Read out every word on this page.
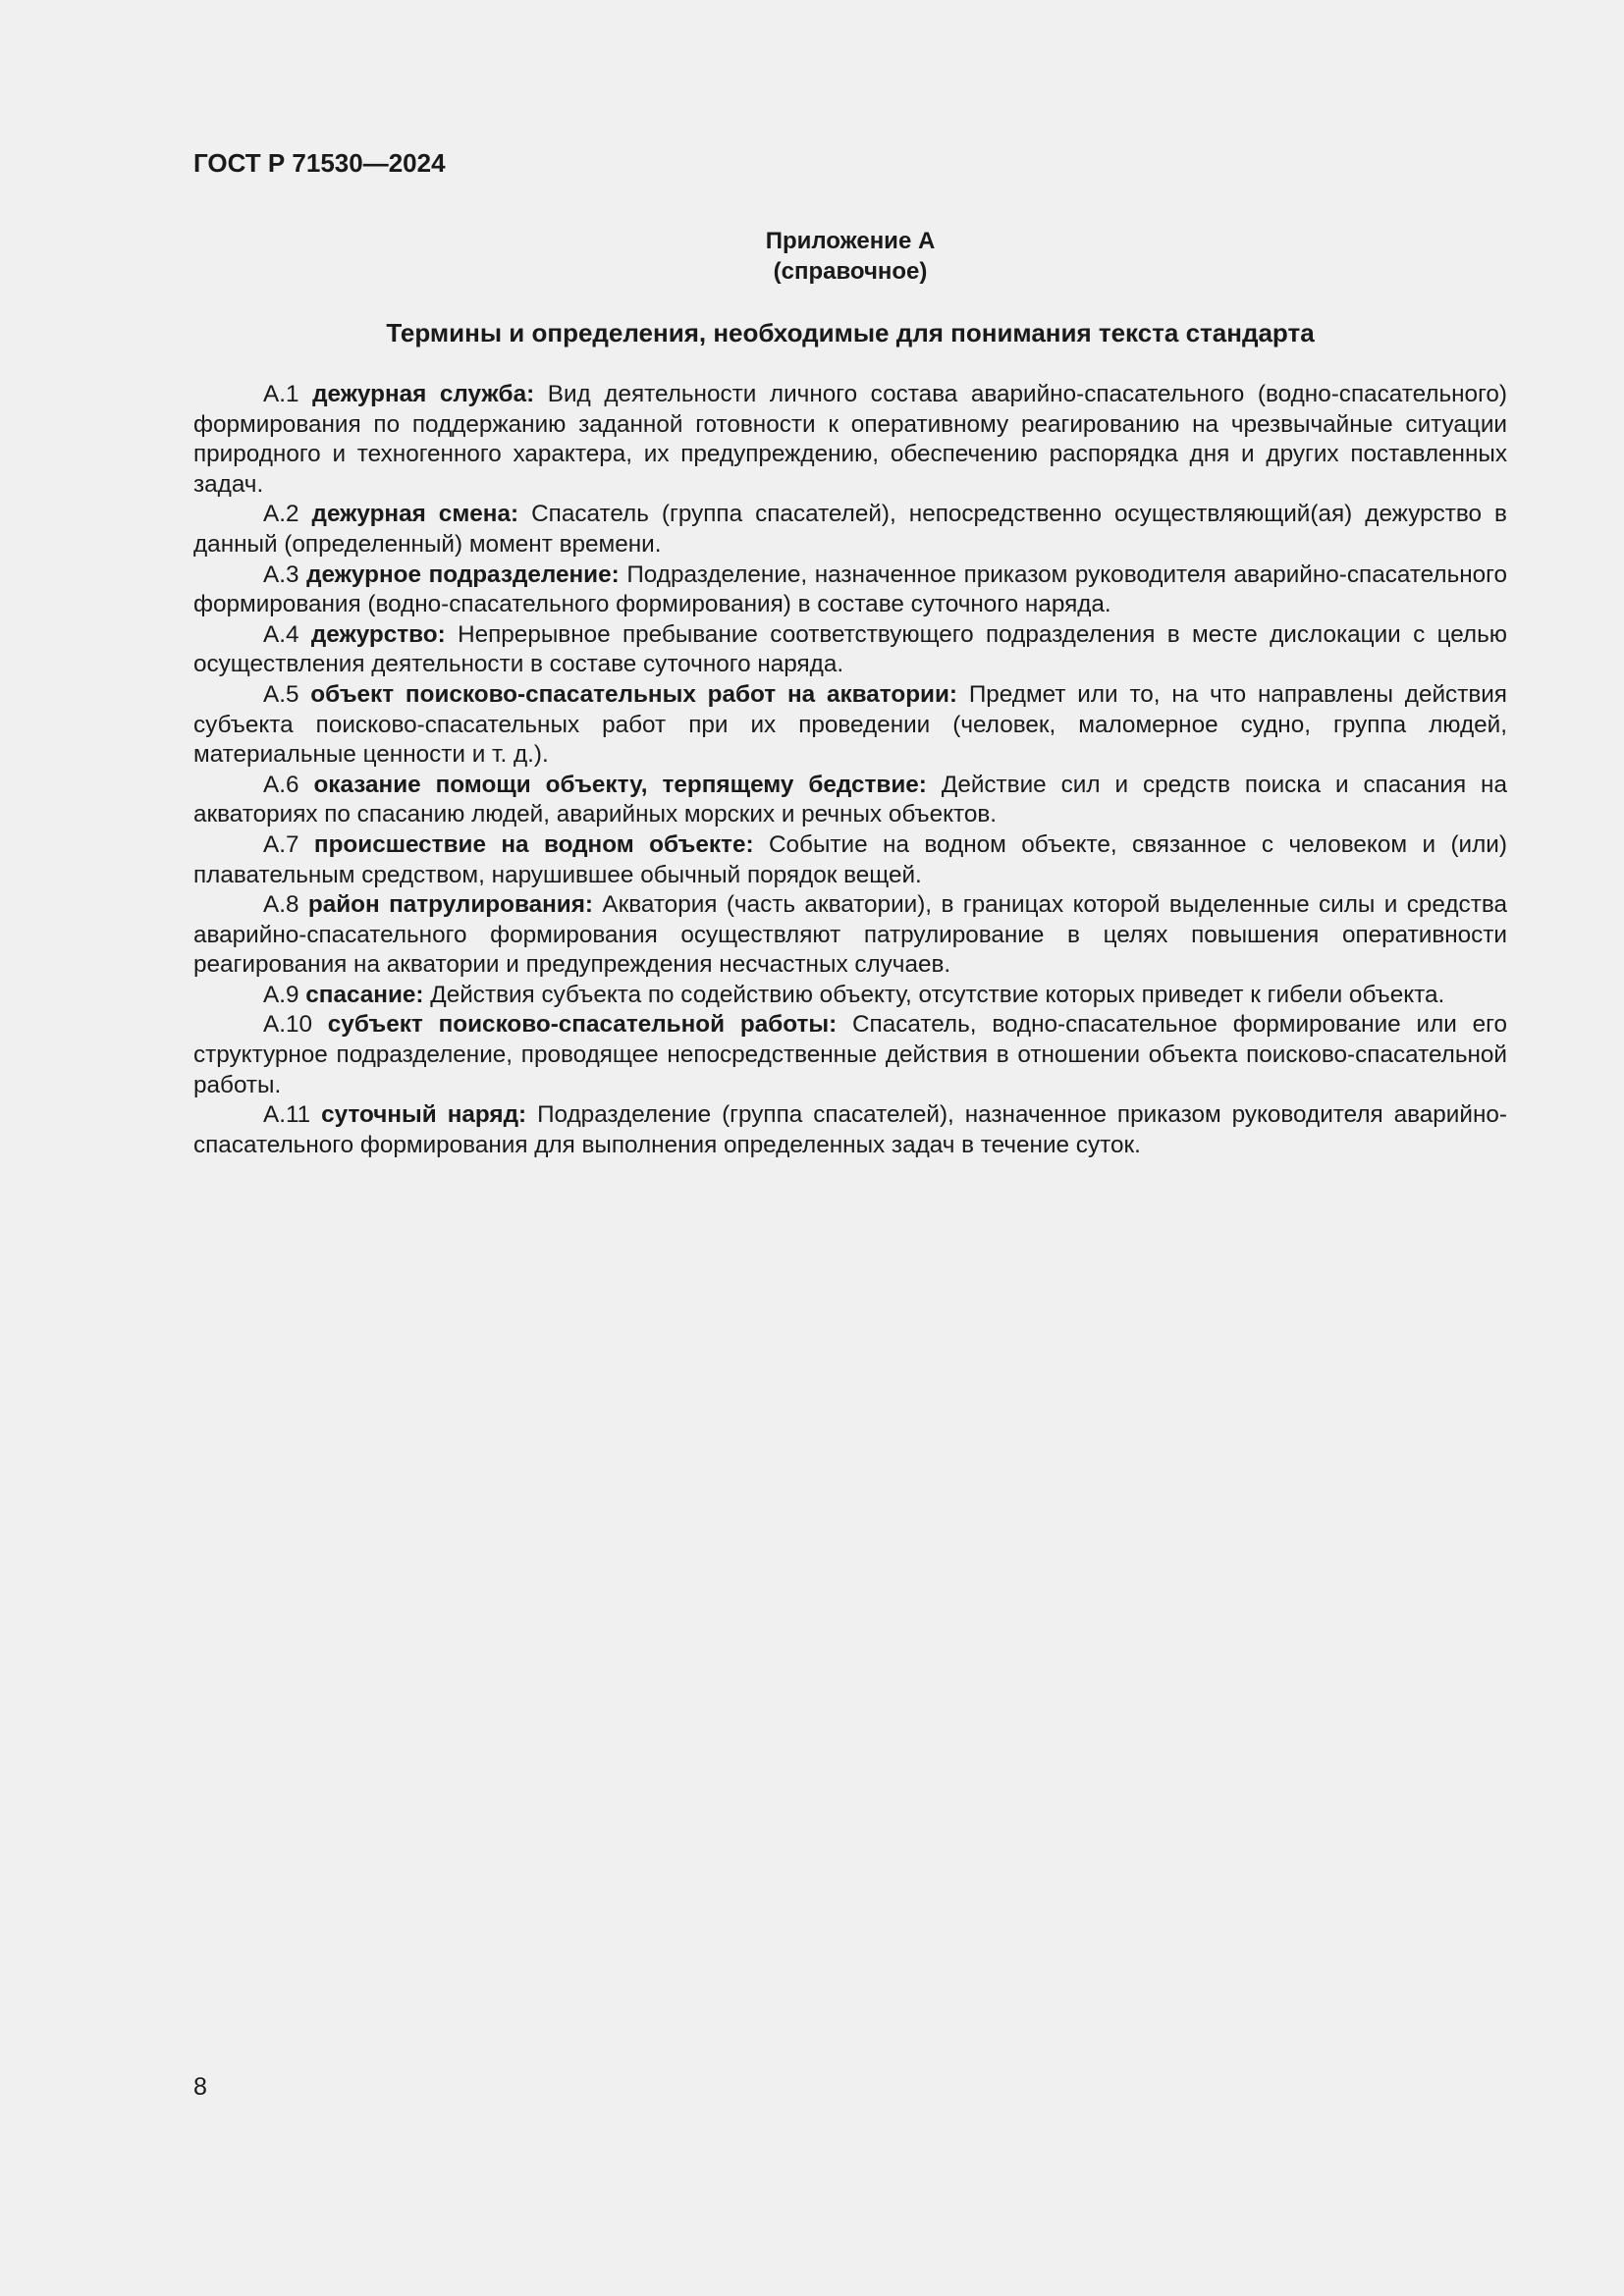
ГОСТ Р 71530—2024
Приложение А
(справочное)
Термины и определения, необходимые для понимания текста стандарта

А.1 дежурная служба: Вид деятельности личного состава аварийно-спасательного (водно-спасательного) формирования по поддержанию заданной готовности к оперативному реагированию на чрезвычайные ситуации природного и техногенного характера, их предупреждению, обеспечению распорядка дня и других поставленных задач.

А.2 дежурная смена: Спасатель (группа спасателей), непосредственно осуществляющий(ая) дежурство в данный (определенный) момент времени.

А.3 дежурное подразделение: Подразделение, назначенное приказом руководителя аварийно-спасательного формирования (водно-спасательного формирования) в составе суточного наряда.

А.4 дежурство: Непрерывное пребывание соответствующего подразделения в месте дислокации с целью осуществления деятельности в составе суточного наряда.

А.5 объект поисково-спасательных работ на акватории: Предмет или то, на что направлены действия субъекта поисково-спасательных работ при их проведении (человек, маломерное судно, группа людей, материальные ценности и т. д.).

А.6 оказание помощи объекту, терпящему бедствие: Действие сил и средств поиска и спасания на акваториях по спасанию людей, аварийных морских и речных объектов.

А.7 происшествие на водном объекте: Событие на водном объекте, связанное с человеком и (или) плавательным средством, нарушившее обычный порядок вещей.

А.8 район патрулирования: Акватория (часть акватории), в границах которой выделенные силы и средства аварийно-спасательного формирования осуществляют патрулирование в целях повышения оперативности реагирования на акватории и предупреждения несчастных случаев.

А.9 спасание: Действия субъекта по содействию объекту, отсутствие которых приведет к гибели объекта.

А.10 субъект поисково-спасательной работы: Спасатель, водно-спасательное формирование или его структурное подразделение, проводящее непосредственные действия в отношении объекта поисково-спасательной работы.

А.11 суточный наряд: Подразделение (группа спасателей), назначенное приказом руководителя аварийно-спасательного формирования для выполнения определенных задач в течение суток.

8
